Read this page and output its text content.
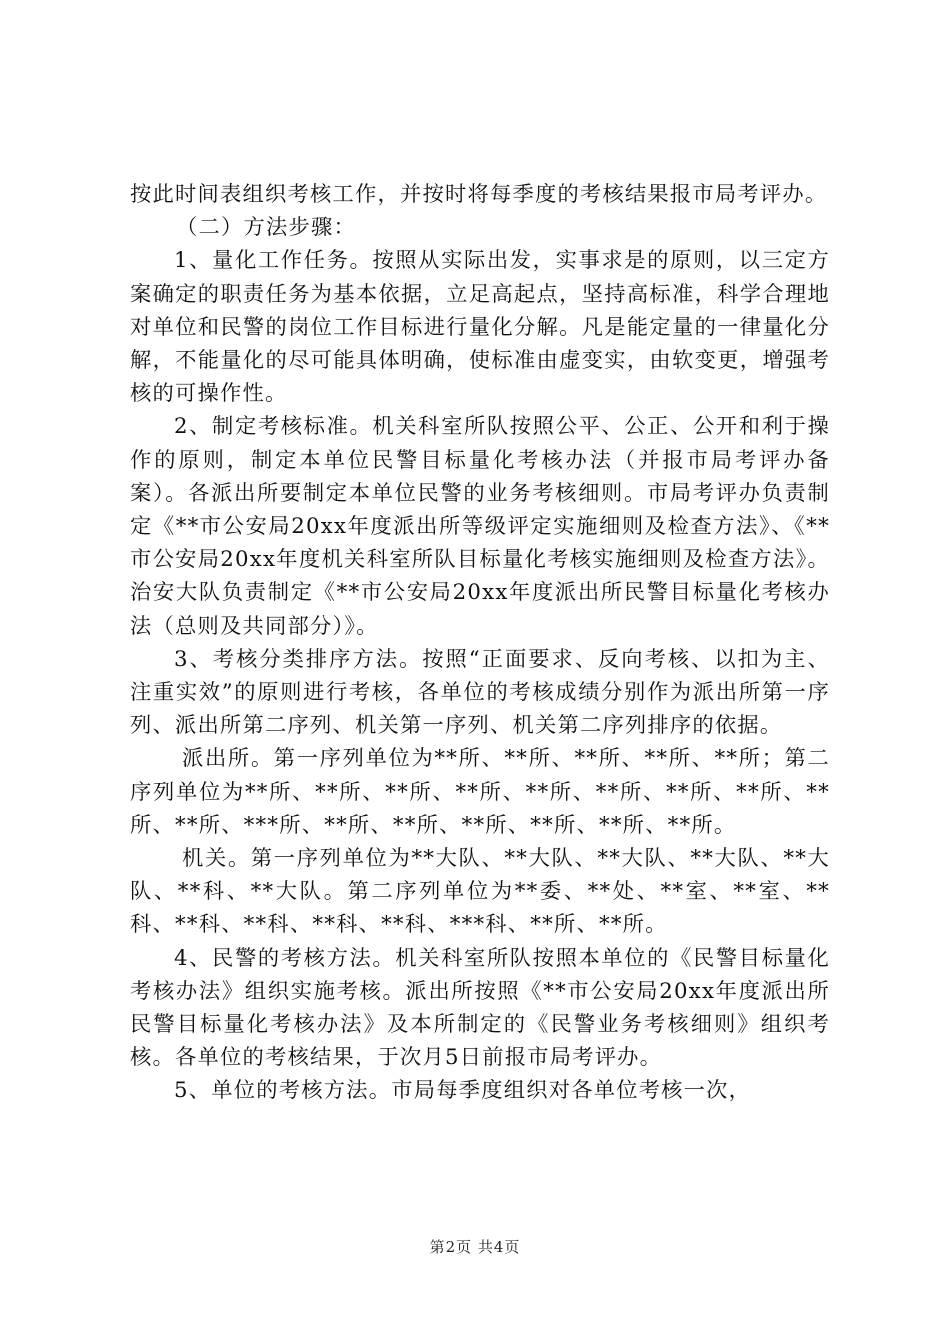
按此时间表组织考核工作，并按时将每季度的考核结果报市局考评办。

（二）方法步骤：

1、量化工作任务。按照从实际出发，实事求是的原则，以三定方案确定的职责任务为基本依据，立足高起点，坚持高标准，科学合理地对单位和民警的岗位工作目标进行量化分解。凡是能定量的一律量化分解，不能量化的尽可能具体明确，使标准由虚变实，由软变更，增强考核的可操作性。

2、制定考核标准。机关科室所队按照公平、公正、公开和利于操作的原则，制定本单位民警目标量化考核办法（并报市局考评办备案）。各派出所要制定本单位民警的业务考核细则。市局考评办负责制定《**市公安局20xx年度派出所等级评定实施细则及检查方法》、《**市公安局20xx年度机关科室所队目标量化考核实施细则及检查方法》。治安大队负责制定《**市公安局20xx年度派出所民警目标量化考核办法（总则及共同部分）》。

3、考核分类排序方法。按照“正面要求、反向考核、以扣为主、注重实效”的原则进行考核，各单位的考核成绩分别作为派出所第一序列、派出所第二序列、机关第一序列、机关第二序列排序的依据。

派出所。第一序列单位为**所、**所、**所、**所、**所；第二序列单位为**所、**所、**所、**所、**所、**所、**所、**所、**所、**所、***所、**所、**所、**所、**所、**所、**所。

机关。第一序列单位为**大队、**大队、**大队、**大队、**大队、**科、**大队。第二序列单位为**委、**处、**室、**室、**科、**科、**科、**科、**科、***科、**所、**所。

4、民警的考核方法。机关科室所队按照本单位的《民警目标量化考核办法》组织实施考核。派出所按照《**市公安局20xx年度派出所民警目标量化考核办法》及本所制定的《民警业务考核细则》组织考核。各单位的考核结果，于次月5日前报市局考评办。

5、单位的考核方法。市局每季度组织对各单位考核一次，

第2页 共4页
